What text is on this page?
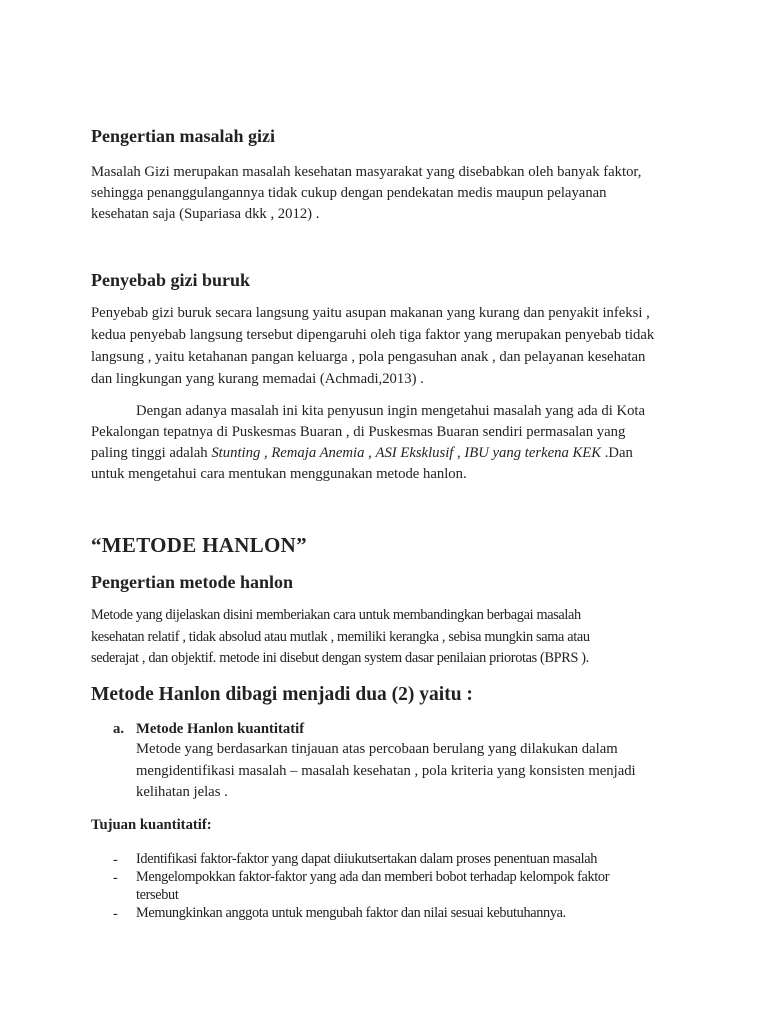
Pengertian masalah gizi
Masalah Gizi merupakan masalah kesehatan masyarakat yang disebabkan oleh banyak faktor,
sehingga penanggulangannya tidak cukup dengan pendekatan medis maupun pelayanan
kesehatan saja (Supariasa dkk , 2012) .
Penyebab gizi buruk
Penyebab gizi buruk secara langsung yaitu asupan makanan yang kurang dan penyakit infeksi ,
kedua penyebab langsung tersebut dipengaruhi oleh tiga faktor yang merupakan penyebab tidak
langsung , yaitu ketahanan pangan keluarga , pola pengasuhan anak , dan pelayanan kesehatan
dan lingkungan yang kurang memadai (Achmadi,2013) .
Dengan adanya masalah ini kita penyusun ingin mengetahui masalah yang ada di Kota
Pekalongan tepatnya di Puskesmas Buaran , di Puskesmas Buaran sendiri permasalan yang
paling tinggi adalah Stunting , Remaja Anemia , ASI Eksklusif , IBU yang terkena KEK .Dan
untuk mengetahui cara mentukan menggunakan metode hanlon.
“METODE HANLON”
Pengertian metode hanlon
Metode yang dijelaskan disini memberiakan cara untuk membandingkan berbagai masalah
kesehatan relatif , tidak absolud atau mutlak , memiliki kerangka , sebisa mungkin sama atau
sederajat , dan objektif. metode ini disebut dengan system dasar penilaian priorotas (BPRS ).
Metode Hanlon dibagi menjadi dua (2) yaitu :
a. Metode Hanlon kuantitatif
Metode yang berdasarkan tinjauan atas percobaan berulang yang dilakukan dalam
mengidentifikasi masalah – masalah kesehatan , pola kriteria yang konsisten menjadi
kelihatan jelas .
Tujuan kuantitatif:
- Identifikasi faktor-faktor yang dapat diiukutsertakan dalam proses penentuan masalah
- Mengelompokkan faktor-faktor yang ada dan memberi bobot terhadap kelompok faktor
tersebut
- Memungkinkan anggota untuk mengubah faktor dan nilai sesuai kebutuhannya.
